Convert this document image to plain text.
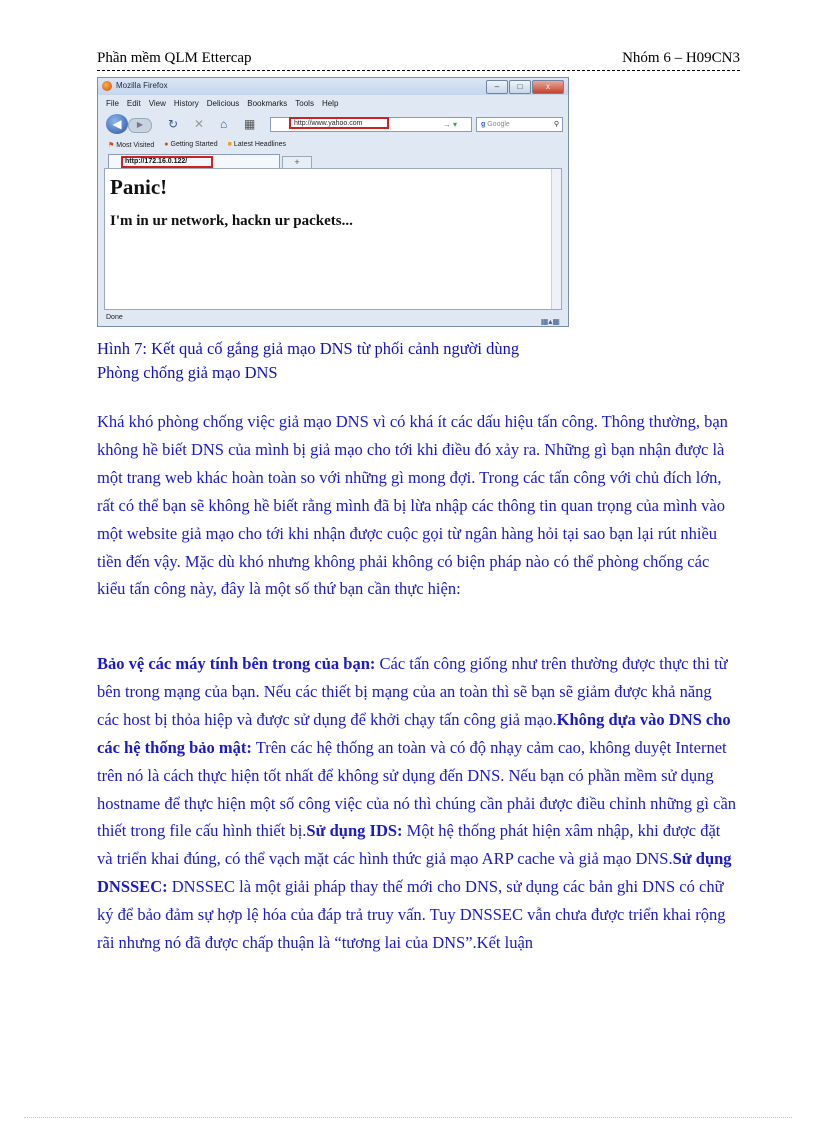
Phần mềm QLM Ettercap	Nhóm 6 – H09CN3
Mozilla Firefox	–	□	x
File Edit View History Delicious Bookmarks Tools Help
◀	▶	↻ ✕ ⌂ ▦	http://www.yahoo.com	→ ▾	g Google	⚲
⚑ Most Visited ● Getting Started ■ Latest Headlines
http://172.16.0.122/	+
Panic!
I'm in ur network, hackn ur packets...
Done	▦▴▦
Hình 7: Kết quả cố gắng giả mạo DNS từ phối cảnh người dùng
Phòng chống giả mạo DNS
Khá khó phòng chống việc giả mạo DNS vì có khá ít các dấu hiệu tấn công. Thông thường, bạn không hề biết DNS của mình bị giả mạo cho tới khi điều đó xảy ra. Những gì bạn nhận được là một trang web khác hoàn toàn so với những gì mong đợi. Trong các tấn công với chủ đích lớn, rất có thể bạn sẽ không hề biết rằng mình đã bị lừa nhập các thông tin quan trọng của mình vào một website giả mạo cho tới khi nhận được cuộc gọi từ ngân hàng hỏi tại sao bạn lại rút nhiều tiền đến vậy. Mặc dù khó nhưng không phải không có biện pháp nào có thể phòng chống các kiểu tấn công này, đây là một số thứ bạn cần thực hiện:
Bảo vệ các máy tính bên trong của bạn: Các tấn công giống như trên thường được thực thi từ bên trong mạng của bạn. Nếu các thiết bị mạng của an toàn thì sẽ bạn sẽ giảm được khả năng các host bị thỏa hiệp và được sử dụng để khởi chạy tấn công giả mạo.Không dựa vào DNS cho các hệ thống bảo mật: Trên các hệ thống an toàn và có độ nhạy cảm cao, không duyệt Internet trên nó là cách thực hiện tốt nhất để không sử dụng đến DNS. Nếu bạn có phần mềm sử dụng hostname để thực hiện một số công việc của nó thì chúng cần phải được điều chỉnh những gì cần thiết trong file cấu hình thiết bị.Sử dụng IDS: Một hệ thống phát hiện xâm nhập, khi được đặt và triển khai đúng, có thể vạch mặt các hình thức giả mạo ARP cache và giả mạo DNS.Sử dụng DNSSEC: DNSSEC là một giải pháp thay thế mới cho DNS, sử dụng các bản ghi DNS có chữ ký để bảo đảm sự hợp lệ hóa của đáp trả truy vấn. Tuy DNSSEC vẫn chưa được triển khai rộng rãi nhưng nó đã được chấp thuận là “tương lai của DNS”.Kết luận
